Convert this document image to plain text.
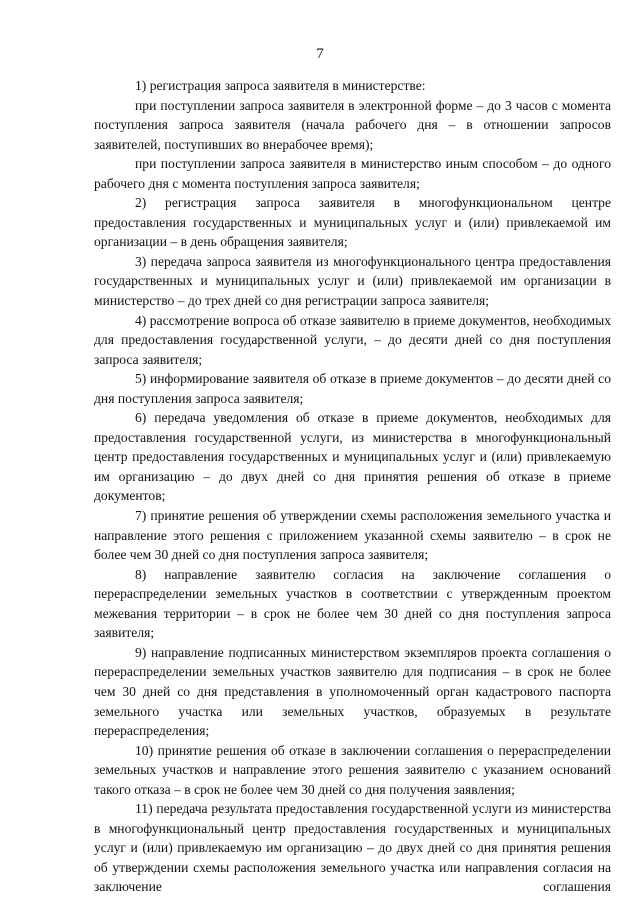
7

1) регистрация запроса заявителя в министерстве:

при поступлении запроса заявителя в электронной форме – до 3 часов с момента поступления запроса заявителя (начала рабочего дня – в отношении запросов заявителей, поступивших во внерабочее время);

при поступлении запроса заявителя в министерство иным способом – до одного рабочего дня с момента поступления запроса заявителя;

2) регистрация запроса заявителя в многофункциональном центре предоставления государственных и муниципальных услуг и (или) привлекаемой им организации – в день обращения заявителя;

3) передача запроса заявителя из многофункционального центра предоставления государственных и муниципальных услуг и (или) привлекаемой им организации в министерство – до трех дней со дня регистрации запроса заявителя;

4) рассмотрение вопроса об отказе заявителю в приеме документов, необходимых для предоставления государственной услуги, – до десяти дней со дня поступления запроса заявителя;

5) информирование заявителя об отказе в приеме документов – до десяти дней со дня поступления запроса заявителя;

6) передача уведомления об отказе в приеме документов, необходимых для предоставления государственной услуги, из министерства в многофункциональный центр предоставления государственных и муниципальных услуг и (или) привлекаемую им организацию – до двух дней со дня принятия решения об отказе в приеме документов;

7) принятие решения об утверждении схемы расположения земельного участка и направление этого решения с приложением указанной схемы заявителю – в срок не более чем 30 дней со дня поступления запроса заявителя;

8) направление заявителю согласия на заключение соглашения о перераспределении земельных участков в соответствии с утвержденным проектом межевания территории – в срок не более чем 30 дней со дня поступления запроса заявителя;

9) направление подписанных министерством экземпляров проекта соглашения о перераспределении земельных участков заявителю для подписания – в срок не более чем 30 дней со дня представления в уполномоченный орган кадастрового паспорта земельного участка или земельных участков, образуемых в результате перераспределения;

10) принятие решения об отказе в заключении соглашения о перераспределении земельных участков и направление этого решения заявителю с указанием оснований такого отказа – в срок не более чем 30 дней со дня получения заявления;

11) передача результата предоставления государственной услуги из министерства в многофункциональный центр предоставления государственных и муниципальных услуг и (или) привлекаемую им организацию – до двух дней со дня принятия решения об утверждении схемы расположения земельного участка или направления согласия на заключение соглашения
